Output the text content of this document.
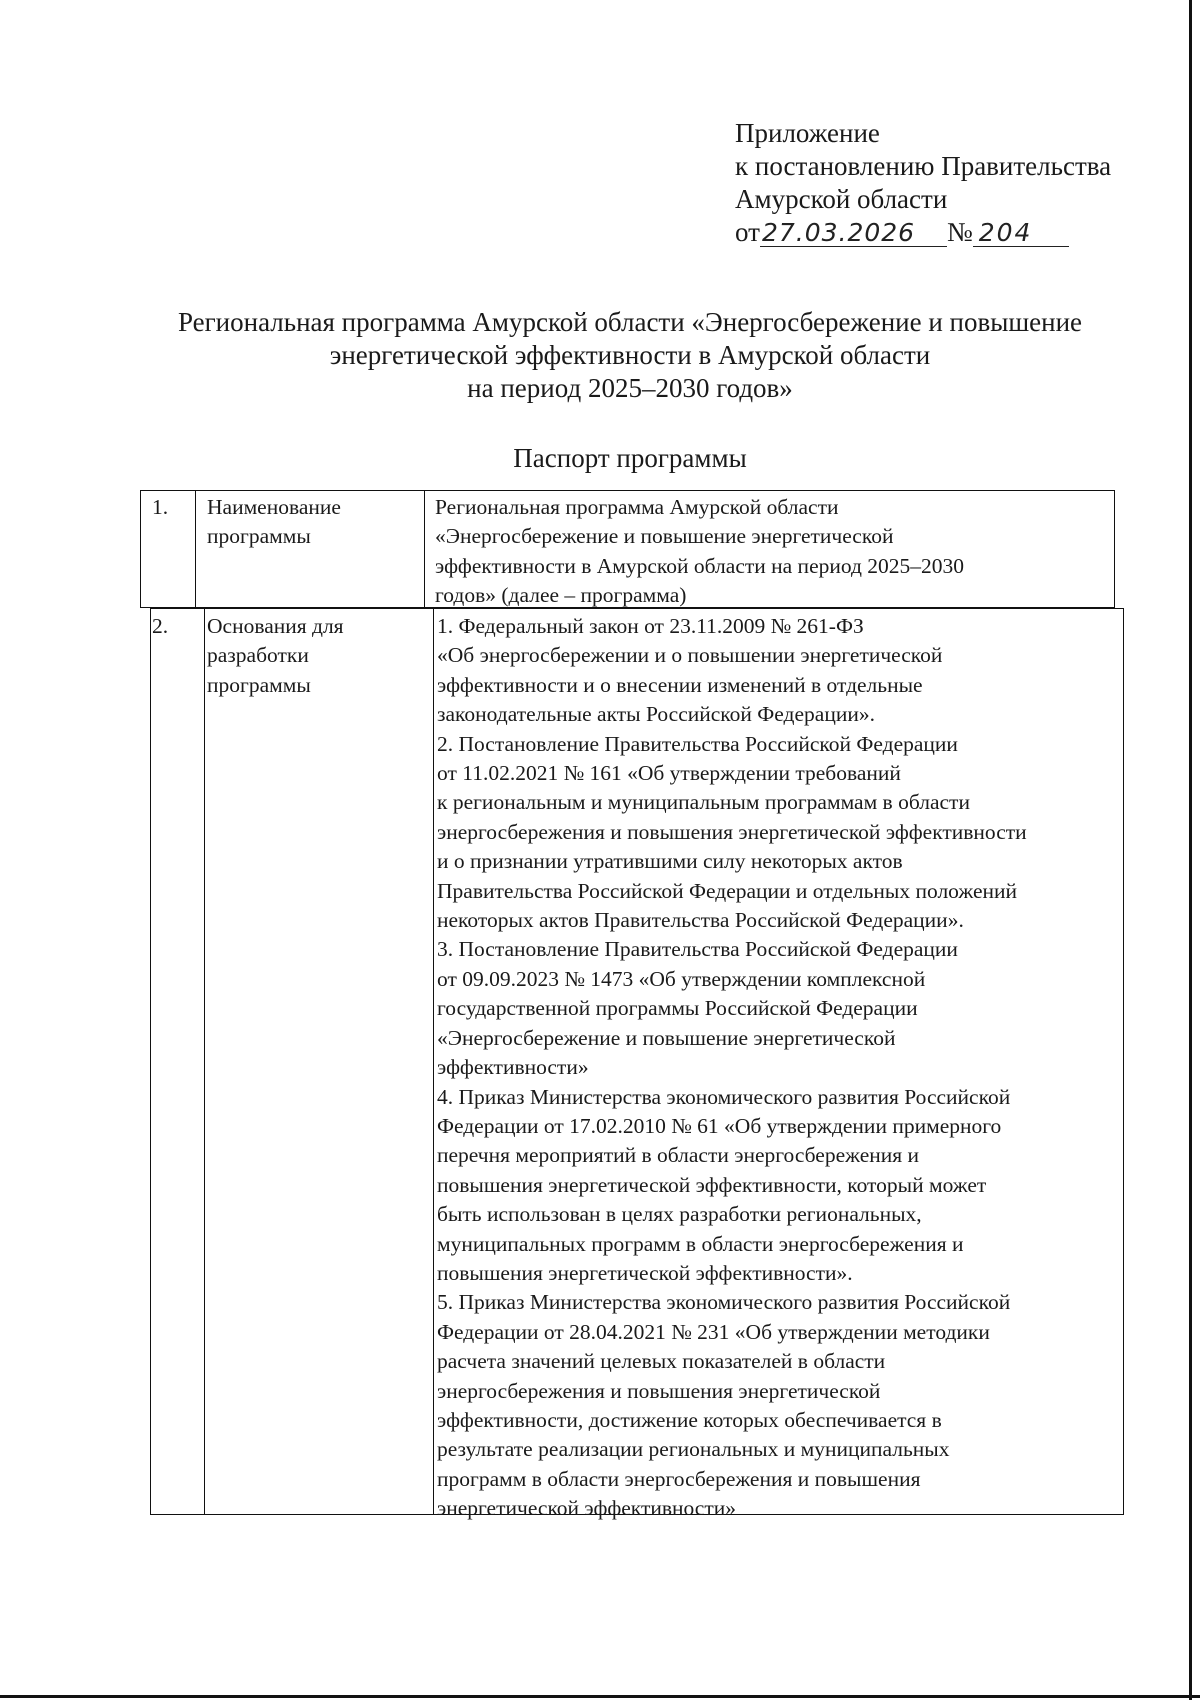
Приложение
к постановлению Правительства
Амурской области
от27.03.2026 № 204
Региональная программа Амурской области «Энергосбережение и повышение
энергетической эффективности в Амурской области
на период 2025–2030 годов»
Паспорт программы
1. Наименование
программы
Региональная программа Амурской области
«Энергосбережение и повышение энергетической
эффективности в Амурской области на период 2025–2030
годов» (далее – программа)
2. Основания для
разработки
программы
1. Федеральный закон от 23.11.2009 № 261-ФЗ
«Об энергосбережении и о повышении энергетической
эффективности и о внесении изменений в отдельные
законодательные акты Российской Федерации».
2. Постановление Правительства Российской Федерации
от 11.02.2021 № 161 «Об утверждении требований
к региональным и муниципальным программам в области
энергосбережения и повышения энергетической эффективности
и о признании утратившими силу некоторых актов
Правительства Российской Федерации и отдельных положений
некоторых актов Правительства Российской Федерации».
3. Постановление Правительства Российской Федерации
от 09.09.2023 № 1473 «Об утверждении комплексной
государственной программы Российской Федерации
«Энергосбережение и повышение энергетической
эффективности»
4. Приказ Министерства экономического развития Российской
Федерации от 17.02.2010 № 61 «Об утверждении примерного
перечня мероприятий в области энергосбережения и
повышения энергетической эффективности, который может
быть использован в целях разработки региональных,
муниципальных программ в области энергосбережения и
повышения энергетической эффективности».
5. Приказ Министерства экономического развития Российской
Федерации от 28.04.2021 № 231 «Об утверждении методики
расчета значений целевых показателей в области
энергосбережения и повышения энергетической
эффективности, достижение которых обеспечивается в
результате реализации региональных и муниципальных
программ в области энергосбережения и повышения
энергетической эффективности»
